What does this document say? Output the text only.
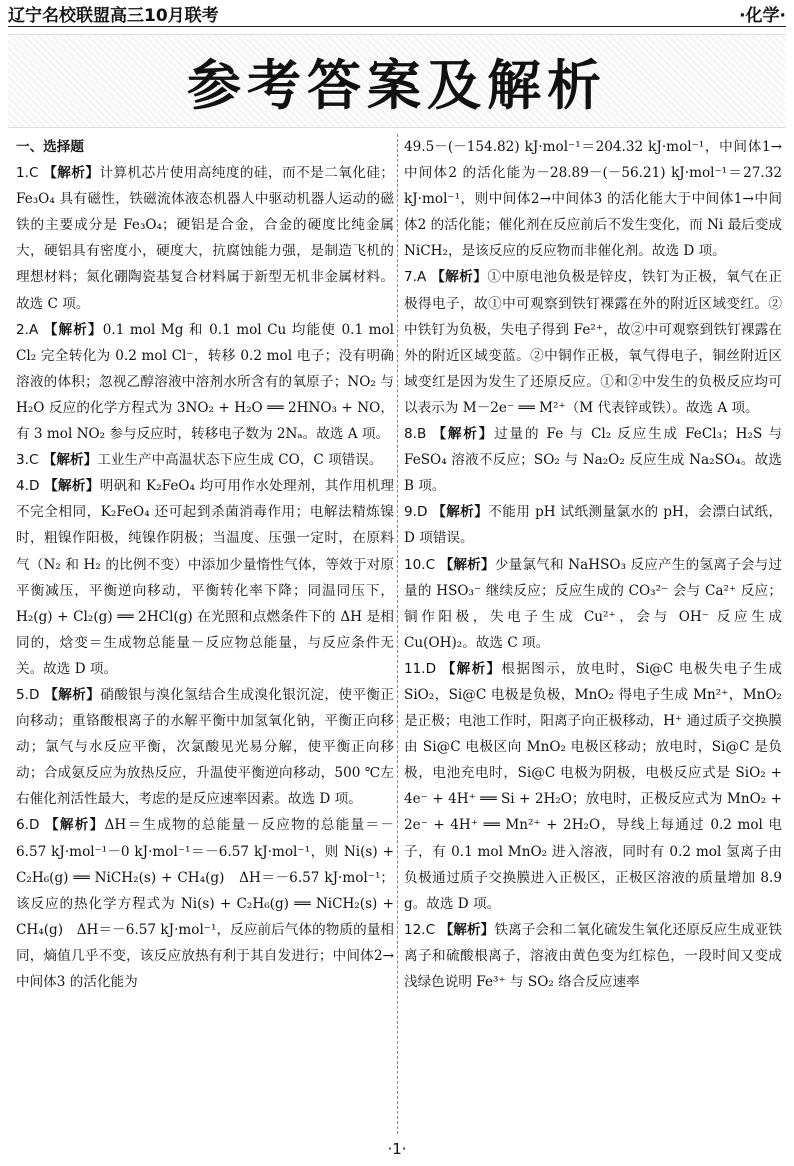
辽宁名校联盟高三10月联考	·化学·
参考答案及解析
一、选择题

1.C 【解析】计算机芯片使用高纯度的硅，而不是二氧化硅；Fe₃O₄ 具有磁性，铁磁流体液态机器人中驱动机器人运动的磁铁的主要成分是 Fe₃O₄；硬铝是合金，合金的硬度比纯金属大，硬铝具有密度小，硬度大，抗腐蚀能力强，是制造飞机的理想材料；氮化硼陶瓷基复合材料属于新型无机非金属材料。故选 C 项。

2.A 【解析】0.1 mol Mg 和 0.1 mol Cu 均能使 0.1 mol Cl₂ 完全转化为 0.2 mol Cl⁻，转移 0.2 mol 电子；没有明确溶液的体积；忽视乙醇溶液中溶剂水所含有的氧原子；NO₂ 与 H₂O 反应的化学方程式为 3NO₂ + H₂O ══ 2HNO₃ + NO，有 3 mol NO₂ 参与反应时，转移电子数为 2Nₐ。故选 A 项。

3.C 【解析】工业生产中高温状态下应生成 CO，C 项错误。

4.D 【解析】明矾和 K₂FeO₄ 均可用作水处理剂，其作用机理不完全相同，K₂FeO₄ 还可起到杀菌消毒作用；电解法精炼镍时，粗镍作阳极，纯镍作阴极；当温度、压强一定时，在原料气（N₂ 和 H₂ 的比例不变）中添加少量惰性气体，等效于对原平衡减压，平衡逆向移动，平衡转化率下降；同温同压下，H₂(g) + Cl₂(g) ══ 2HCl(g) 在光照和点燃条件下的 ΔH 是相同的，焓变＝生成物总能量－反应物总能量，与反应条件无关。故选 D 项。

5.D 【解析】硝酸银与溴化氢结合生成溴化银沉淀，使平衡正向移动；重铬酸根离子的水解平衡中加氢氧化钠，平衡正向移动；氯气与水反应平衡，次氯酸见光易分解，使平衡正向移动；合成氨反应为放热反应，升温使平衡逆向移动，500 ℃左右催化剂活性最大，考虑的是反应速率因素。故选 D 项。

6.D 【解析】ΔH＝生成物的总能量－反应物的总能量＝－6.57 kJ·mol⁻¹－0 kJ·mol⁻¹＝－6.57 kJ·mol⁻¹，则 Ni(s) + C₂H₆(g) ══ NiCH₂(s) + CH₄(g)　ΔH＝－6.57 kJ·mol⁻¹；该反应的热化学方程式为 Ni(s) + C₂H₆(g) ══ NiCH₂(s) + CH₄(g)　ΔH＝－6.57 kJ·mol⁻¹，反应前后气体的物质的量相同，熵值几乎不变，该反应放热有利于其自发进行；中间体2→中间体3 的活化能为

49.5－(－154.82) kJ·mol⁻¹＝204.32 kJ·mol⁻¹，中间体1→中间体2 的活化能为－28.89－(－56.21) kJ·mol⁻¹＝27.32 kJ·mol⁻¹，则中间体2→中间体3 的活化能大于中间体1→中间体2 的活化能；催化剂在反应前后不发生变化，而 Ni 最后变成 NiCH₂，是该反应的反应物而非催化剂。故选 D 项。

7.A 【解析】①中原电池负极是锌皮，铁钉为正极，氧气在正极得电子，故①中可观察到铁钉裸露在外的附近区域变红。②中铁钉为负极，失电子得到 Fe²⁺，故②中可观察到铁钉裸露在外的附近区域变蓝。②中铜作正极，氧气得电子，铜丝附近区域变红是因为发生了还原反应。①和②中发生的负极反应均可以表示为 M－2e⁻ ══ M²⁺（M 代表锌或铁）。故选 A 项。

8.B 【解析】过量的 Fe 与 Cl₂ 反应生成 FeCl₃；H₂S 与 FeSO₄ 溶液不反应；SO₂ 与 Na₂O₂ 反应生成 Na₂SO₄。故选 B 项。

9.D 【解析】不能用 pH 试纸测量氯水的 pH，会漂白试纸，D 项错误。

10.C 【解析】少量氯气和 NaHSO₃ 反应产生的氢离子会与过量的 HSO₃⁻ 继续反应；反应生成的 CO₃²⁻ 会与 Ca²⁺ 反应；铜作阳极，失电子生成 Cu²⁺，会与 OH⁻ 反应生成 Cu(OH)₂。故选 C 项。

11.D 【解析】根据图示，放电时，Si@C 电极失电子生成 SiO₂，Si@C 电极是负极，MnO₂ 得电子生成 Mn²⁺，MnO₂ 是正极；电池工作时，阳离子向正极移动，H⁺ 通过质子交换膜由 Si@C 电极区向 MnO₂ 电极区移动；放电时，Si@C 是负极，电池充电时，Si@C 电极为阴极，电极反应式是 SiO₂ + 4e⁻ + 4H⁺ ══ Si + 2H₂O；放电时，正极反应式为 MnO₂ + 2e⁻ + 4H⁺ ══ Mn²⁺ + 2H₂O，导线上每通过 0.2 mol 电子，有 0.1 mol MnO₂ 进入溶液，同时有 0.2 mol 氢离子由负极通过质子交换膜进入正极区，正极区溶液的质量增加 8.9 g。故选 D 项。

12.C 【解析】铁离子会和二氧化硫发生氧化还原反应生成亚铁离子和硫酸根离子，溶液由黄色变为红棕色，一段时间又变成浅绿色说明 Fe³⁺ 与 SO₂ 络合反应速率

·1·
